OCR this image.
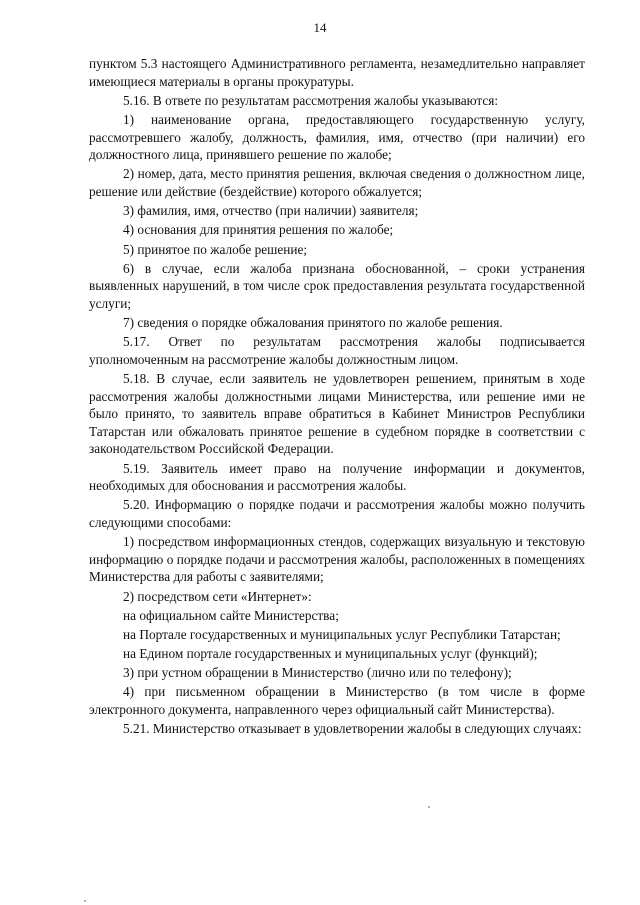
14

пунктом 5.3 настоящего Административного регламента, незамедлительно направляет имеющиеся материалы в органы прокуратуры.

5.16. В ответе по результатам рассмотрения жалобы указываются:

1) наименование органа, предоставляющего государственную услугу, рассмотревшего жалобу, должность, фамилия, имя, отчество (при наличии) его должностного лица, принявшего решение по жалобе;

2) номер, дата, место принятия решения, включая сведения о должностном лице, решение или действие (бездействие) которого обжалуется;

3) фамилия, имя, отчество (при наличии) заявителя;

4) основания для принятия решения по жалобе;

5) принятое по жалобе решение;

6) в случае, если жалоба признана обоснованной, – сроки устранения выявленных нарушений, в том числе срок предоставления результата государственной услуги;

7) сведения о порядке обжалования принятого по жалобе решения.

5.17. Ответ по результатам рассмотрения жалобы подписывается уполномоченным на рассмотрение жалобы должностным лицом.

5.18. В случае, если заявитель не удовлетворен решением, принятым в ходе рассмотрения жалобы должностными лицами Министерства, или решение ими не было принято, то заявитель вправе обратиться в Кабинет Министров Республики Татарстан или обжаловать принятое решение в судебном порядке в соответствии с законодательством Российской Федерации.

5.19. Заявитель имеет право на получение информации и документов, необходимых для обоснования и рассмотрения жалобы.

5.20. Информацию о порядке подачи и рассмотрения жалобы можно получить следующими способами:

1) посредством информационных стендов, содержащих визуальную и текстовую информацию о порядке подачи и рассмотрения жалобы, расположенных в помещениях Министерства для работы с заявителями;

2) посредством сети «Интернет»:

на официальном сайте Министерства;

на Портале государственных и муниципальных услуг Республики Татарстан;

на Едином портале государственных и муниципальных услуг (функций);

3) при устном обращении в Министерство (лично или по телефону);

4) при письменном обращении в Министерство (в том числе в форме электронного документа, направленного через официальный сайт Министерства).

5.21. Министерство отказывает в удовлетворении жалобы в следующих случаях:
